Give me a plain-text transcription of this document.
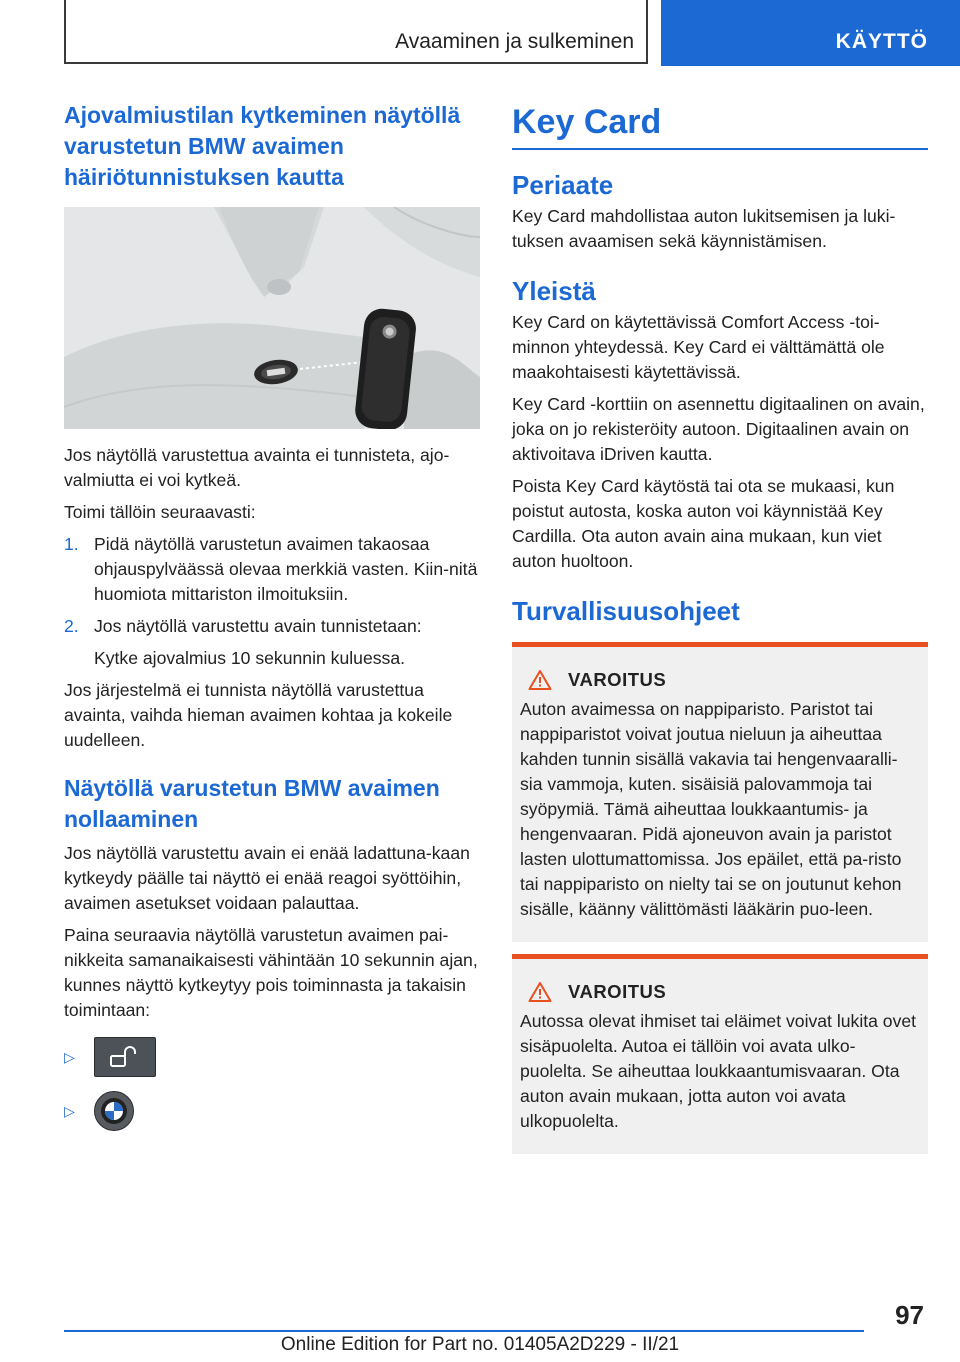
Avaaminen ja sulkeminen	KÄYTTÖ
Ajovalmiustilan kytkeminen näytöllä varustetun BMW avaimen häiriötunnistuksen kautta

Jos näytöllä varustettua avainta ei tunnisteta, ajo‐valmiutta ei voi kytkeä.

Toimi tällöin seuraavasti:

1. Pidä näytöllä varustetun avaimen takaosaa ohjauspylväässä olevaa merkkiä vasten. Kiin‐nitä huomiota mittariston ilmoituksiin.
2. Jos näytöllä varustettu avain tunnistetaan:

Kytke ajovalmius 10 sekunnin kuluessa.

Jos järjestelmä ei tunnista näytöllä varustettua avainta, vaihda hieman avaimen kohtaa ja kokeile uudelleen.

Näytöllä varustetun BMW avaimen nollaaminen

Jos näytöllä varustettu avain ei enää ladattuna‐kaan kytkeydy päälle tai näyttö ei enää reagoi syöttöihin, avaimen asetukset voidaan palauttaa.

Paina seuraavia näytöllä varustetun avaimen pai‐nikkeita samanaikaisesti vähintään 10 sekunnin ajan, kunnes näyttö kytkeytyy pois toiminnasta ja takaisin toimintaan:

▷
▷
Key Card
Periaate

Key Card mahdollistaa auton lukitsemisen ja luki‐tuksen avaamisen sekä käynnistämisen.

Yleistä

Key Card on käytettävissä Comfort Access ‑toi‐minnon yhteydessä. Key Card ei välttämättä ole maakohtaisesti käytettävissä.

Key Card ‑korttiin on asennettu digitaalinen on avain, joka on jo rekisteröity autoon. Digitaalinen avain on aktivoitava iDriven kautta.

Poista Key Card käytöstä tai ota se mukaasi, kun poistut autosta, koska auton voi käynnistää Key Cardilla. Ota auton avain aina mukaan, kun viet auton huoltoon.

Turvallisuusohjeet
VAROITUS

Auton avaimessa on nappiparisto. Paristot tai nappiparistot voivat joutua nieluun ja aiheuttaa kahden tunnin sisällä vakavia tai hengenvaaralli‐sia vammoja, kuten. sisäisiä palovammoja tai syöpymiä. Tämä aiheuttaa loukkaantumis- ja hengenvaaran. Pidä ajoneuvon avain ja paristot lasten ulottumattomissa. Jos epäilet, että pa‐risto tai nappiparisto on nielty tai se on joutunut kehon sisälle, käänny välittömästi lääkärin puo‐leen.

VAROITUS

Autossa olevat ihmiset tai eläimet voivat lukita ovet sisäpuolelta. Autoa ei tällöin voi avata ulko‐puolelta. Se aiheuttaa loukkaantumisvaaran. Ota auton avain mukaan, jotta auton voi avata ulkopuolelta.

97
Online Edition for Part no. 01405A2D229 - II/21
